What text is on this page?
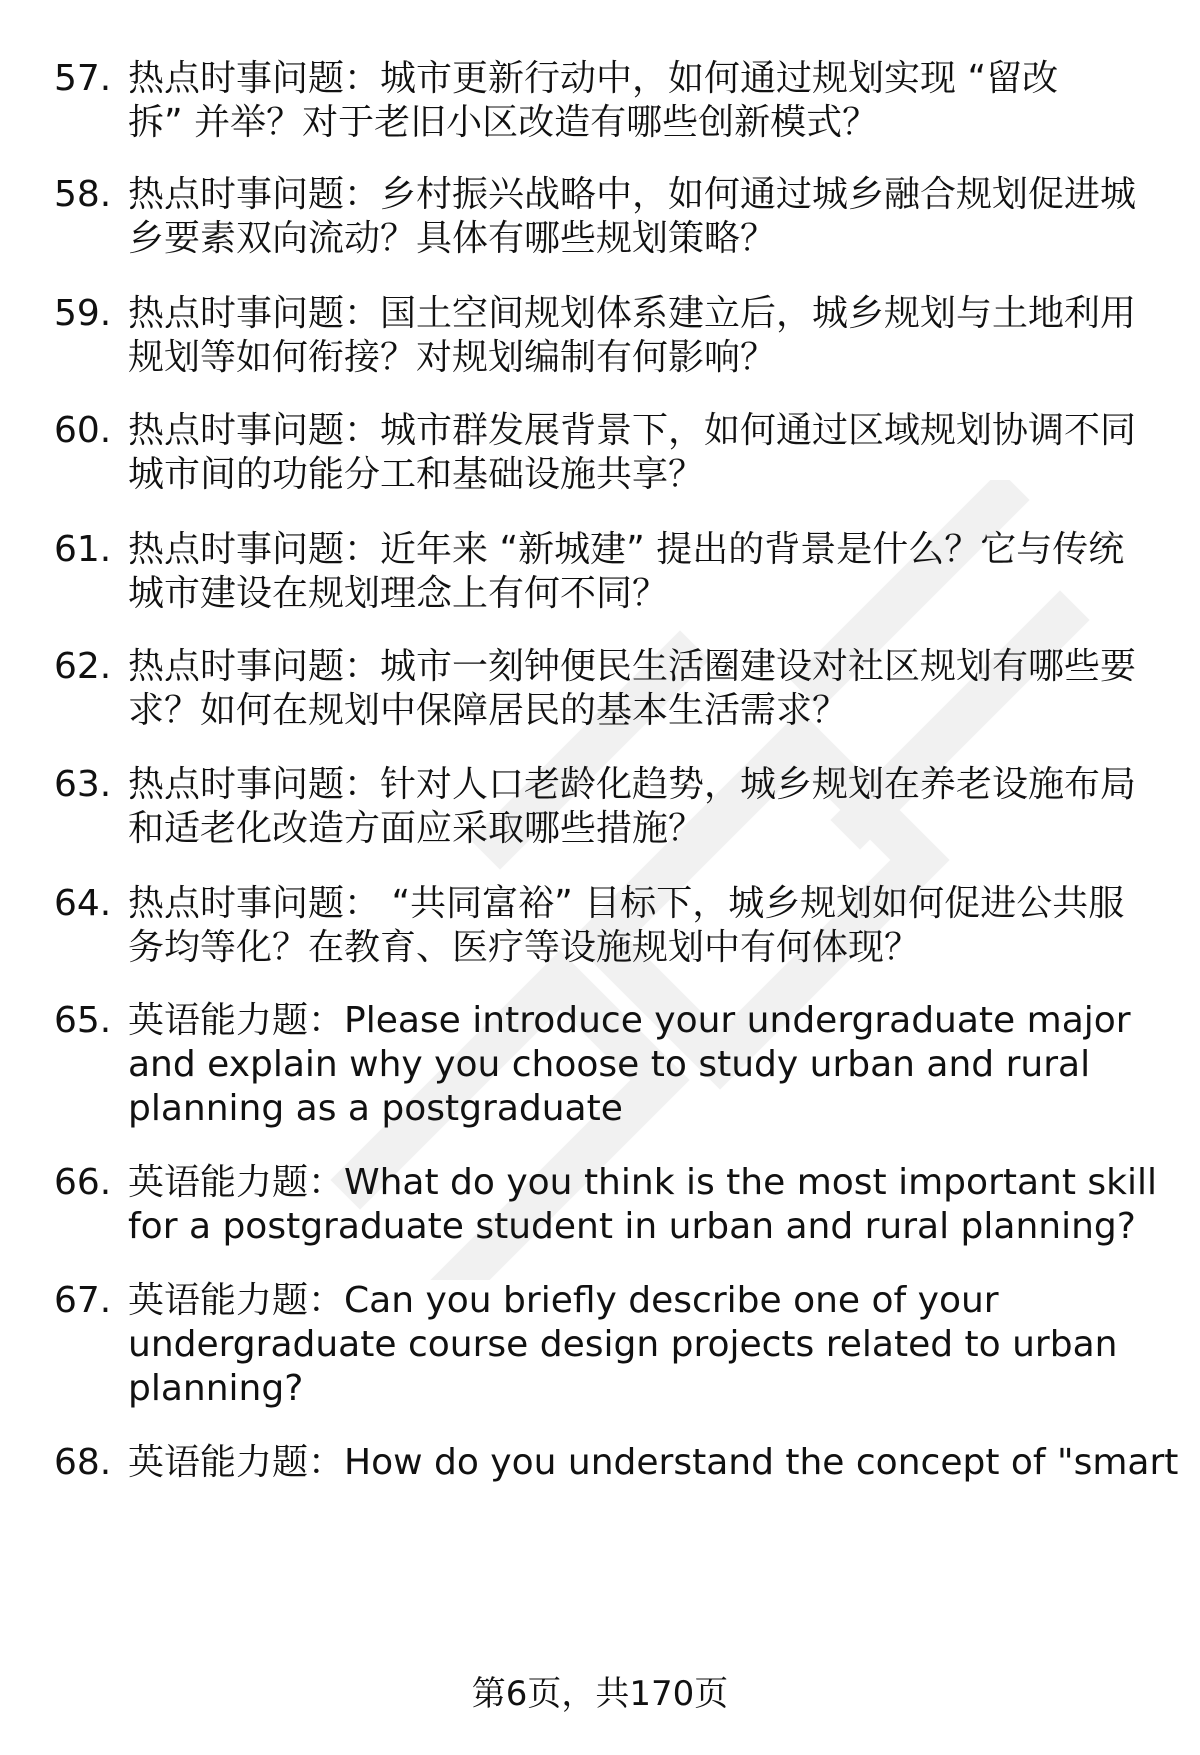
57. 热点时事问题：城市更新行动中，如何通过规划实现 “留改
拆” 并举？对于老旧小区改造有哪些创新模式？
58. 热点时事问题：乡村振兴战略中，如何通过城乡融合规划促进城
乡要素双向流动？具体有哪些规划策略？
59. 热点时事问题：国土空间规划体系建立后，城乡规划与土地利用
规划等如何衔接？对规划编制有何影响？
60. 热点时事问题：城市群发展背景下，如何通过区域规划协调不同
城市间的功能分工和基础设施共享？
61. 热点时事问题：近年来 “新城建” 提出的背景是什么？它与传统
城市建设在规划理念上有何不同？
62. 热点时事问题：城市一刻钟便民生活圈建设对社区规划有哪些要
求？如何在规划中保障居民的基本生活需求？
63. 热点时事问题：针对人口老龄化趋势，城乡规划在养老设施布局
和适老化改造方面应采取哪些措施？
64. 热点时事问题： “共同富裕” 目标下，城乡规划如何促进公共服
务均等化？在教育、医疗等设施规划中有何体现？
65. 英语能力题：Please introduce your undergraduate major
and explain why you choose to study urban and rural
planning as a postgraduate
66. 英语能力题：What do you think is the most important skill
for a postgraduate student in urban and rural planning?
67. 英语能力题：Can you briefly describe one of your
undergraduate course design projects related to urban
planning?
68. 英语能力题：How do you understand the concept of "smart
第6页，共170页
